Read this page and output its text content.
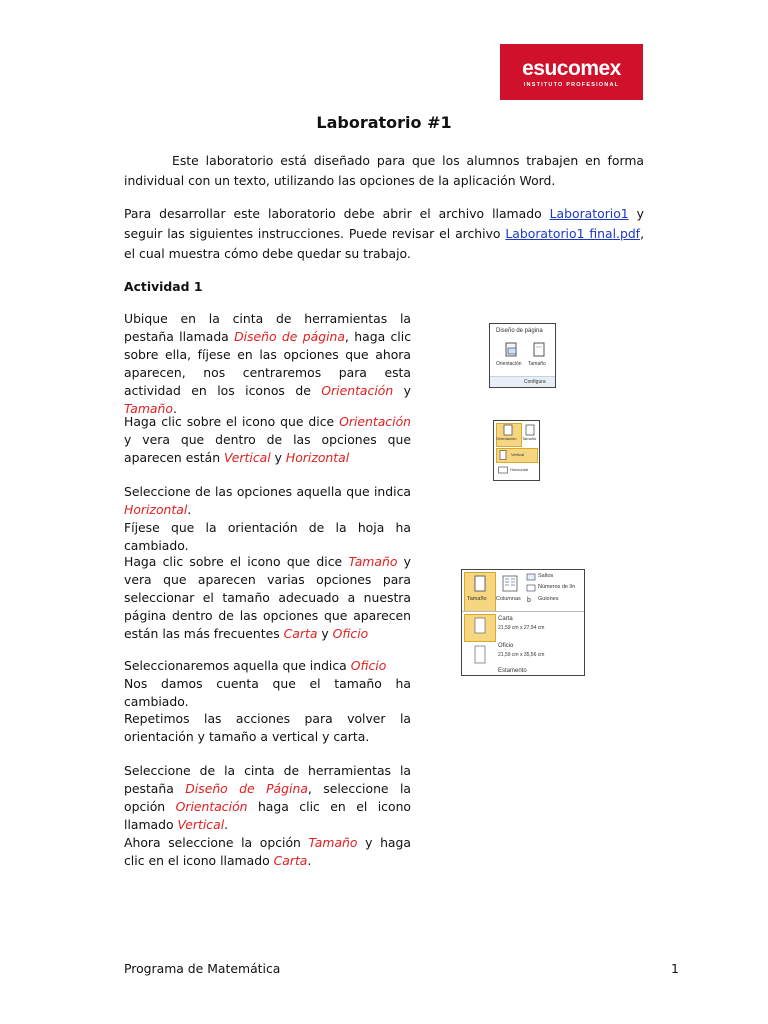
esucomex
INSTITUTO PROFESIONAL
Laboratorio #1
Este laboratorio está diseñado para que los alumnos trabajen en forma individual con un texto, utilizando las opciones de la aplicación Word.
Para desarrollar este laboratorio debe abrir el archivo llamado Laboratorio1 y seguir las siguientes instrucciones. Puede revisar el archivo Laboratorio1 final.pdf, el cual muestra cómo debe quedar su trabajo.
Actividad 1
Ubique en la cinta de herramientas la pestaña llamada Diseño de página, haga clic sobre ella, fíjese en las opciones que ahora aparecen, nos centraremos para esta actividad en los iconos de Orientación y Tamaño.
Haga clic sobre el icono que dice Orientación y vera que dentro de las opciones que aparecen están Vertical y Horizontal
Seleccione de las opciones aquella que indica Horizontal.
Fíjese que la orientación de la hoja ha cambiado.
Haga clic sobre el icono que dice Tamaño y vera que aparecen varias opciones para seleccionar el tamaño adecuado a nuestra página dentro de las opciones que aparecen están las más frecuentes Carta y Oficio
Seleccionaremos aquella que indica Oficio
Nos damos cuenta que el tamaño ha cambiado.
Repetimos las acciones para volver la orientación y tamaño a vertical y carta.
Seleccione de la cinta de herramientas la pestaña Diseño de Página, seleccione la opción Orientación haga clic en el icono llamado Vertical.
Ahora seleccione la opción Tamaño y haga clic en el icono llamado Carta.
Diseño de página
Orientación Tamaño
Configura
Orientación Tamaño
Vertical
Horizontal
Tamaño Columnas
Saltos
Números de lín
b Guiones
Carta
21,59 cm x 27,94 cm
Oficio
21,59 cm x 35,56 cm
Estamento
Programa de Matemática	1
